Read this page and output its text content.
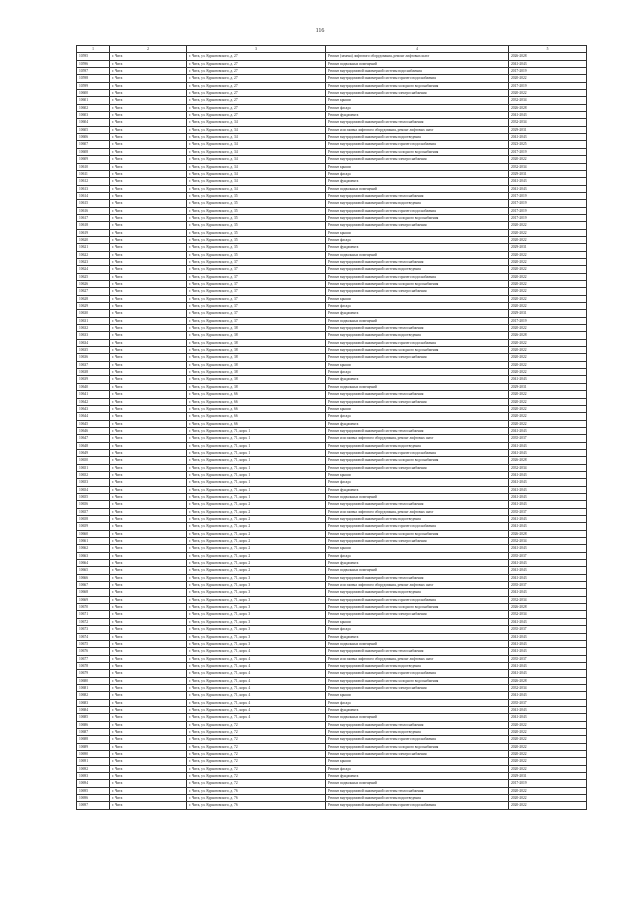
116
1	2	3	4	5
10595	г. Чита	г. Чита, ул. Курнатовского, д. 27	Ремонт (замена) лифтового оборудования, ремонт лифтовых шахт	2026-2028
10596	г. Чита	г. Чита, ул. Курнатовского, д. 27	Ремонт подвальных помещений	2041-2043
10597	г. Чита	г. Чита, ул. Курнатовского, д. 27	Ремонт внутридомовой инженерной системы водоснабжения	2017-2019
10598	г. Чита	г. Чита, ул. Курнатовского, д. 27	Ремонт внутридомовой инженерной системы горячего водоснабжения	2020-2022
10599	г. Чита	г. Чита, ул. Курнатовского, д. 27	Ремонт внутридомовой инженерной системы холодного водоснабжения	2017-2019
10600	г. Чита	г. Чита, ул. Курнатовского, д. 27	Ремонт внутридомовой инженерной системы электроснабжения	2020-2022
10601	г. Чита	г. Чита, ул. Курнатовского, д. 27	Ремонт крыши	2032-2034
10602	г. Чита	г. Чита, ул. Курнатовского, д. 27	Ремонт фасада	2026-2028
10603	г. Чита	г. Чита, ул. Курнатовского, д. 27	Ремонт фундамента	2041-2043
10604	г. Чита	г. Чита, ул. Курнатовского, д. 34	Ремонт внутридомовой инженерной системы теплоснабжения	2032-2034
10605	г. Чита	г. Чита, ул. Курнатовского, д. 34	Ремонт или замена лифтового оборудования, ремонт лифтовых шахт	2029-2031
10606	г. Чита	г. Чита, ул. Курнатовского, д. 34	Ремонт внутридомовой инженерной системы водоотведения	2041-2043
10607	г. Чита	г. Чита, ул. Курнатовского, д. 34	Ремонт внутридомовой инженерной системы горячего водоснабжения	2023-2025
10608	г. Чита	г. Чита, ул. Курнатовского, д. 34	Ремонт внутридомовой инженерной системы холодного водоснабжения	2017-2019
10609	г. Чита	г. Чита, ул. Курнатовского, д. 34	Ремонт внутридомовой инженерной системы электроснабжения	2020-2022
10610	г. Чита	г. Чита, ул. Курнатовского, д. 34	Ремонт крыши	2032-2034
10611	г. Чита	г. Чита, ул. Курнатовского, д. 34	Ремонт фасада	2029-2031
10612	г. Чита	г. Чита, ул. Курнатовского, д. 34	Ремонт фундамента	2041-2043
10613	г. Чита	г. Чита, ул. Курнатовского, д. 34	Ремонт подвальных помещений	2041-2043
10614	г. Чита	г. Чита, ул. Курнатовского, д. 35	Ремонт внутридомовой инженерной системы теплоснабжения	2017-2019
10615	г. Чита	г. Чита, ул. Курнатовского, д. 35	Ремонт внутридомовой инженерной системы водоотведения	2017-2019
10616	г. Чита	г. Чита, ул. Курнатовского, д. 35	Ремонт внутридомовой инженерной системы горячего водоснабжения	2017-2019
10617	г. Чита	г. Чита, ул. Курнатовского, д. 35	Ремонт внутридомовой инженерной системы холодного водоснабжения	2017-2019
10618	г. Чита	г. Чита, ул. Курнатовского, д. 35	Ремонт внутридомовой инженерной системы электроснабжения	2020-2022
10619	г. Чита	г. Чита, ул. Курнатовского, д. 35	Ремонт крыши	2020-2022
10620	г. Чита	г. Чита, ул. Курнатовского, д. 35	Ремонт фасада	2020-2022
10621	г. Чита	г. Чита, ул. Курнатовского, д. 35	Ремонт фундамента	2029-2031
10622	г. Чита	г. Чита, ул. Курнатовского, д. 35	Ремонт подвальных помещений	2020-2022
10623	г. Чита	г. Чита, ул. Курнатовского, д. 37	Ремонт внутридомовой инженерной системы теплоснабжения	2020-2022
10624	г. Чита	г. Чита, ул. Курнатовского, д. 37	Ремонт внутридомовой инженерной системы водоотведения	2020-2022
10625	г. Чита	г. Чита, ул. Курнатовского, д. 37	Ремонт внутридомовой инженерной системы горячего водоснабжения	2020-2022
10626	г. Чита	г. Чита, ул. Курнатовского, д. 37	Ремонт внутридомовой инженерной системы холодного водоснабжения	2020-2022
10627	г. Чита	г. Чита, ул. Курнатовского, д. 37	Ремонт внутридомовой инженерной системы электроснабжения	2020-2022
10628	г. Чита	г. Чита, ул. Курнатовского, д. 37	Ремонт крыши	2020-2022
10629	г. Чита	г. Чита, ул. Курнатовского, д. 37	Ремонт фасада	2020-2022
10630	г. Чита	г. Чита, ул. Курнатовского, д. 37	Ремонт фундамента	2029-2031
10631	г. Чита	г. Чита, ул. Курнатовского, д. 37	Ремонт подвальных помещений	2017-2019
10632	г. Чита	г. Чита, ул. Курнатовского, д. 38	Ремонт внутридомовой инженерной системы теплоснабжения	2020-2022
10633	г. Чита	г. Чита, ул. Курнатовского, д. 38	Ремонт внутридомовой инженерной системы водоотведения	2026-2028
10634	г. Чита	г. Чита, ул. Курнатовского, д. 38	Ремонт внутридомовой инженерной системы горячего водоснабжения	2020-2022
10635	г. Чита	г. Чита, ул. Курнатовского, д. 38	Ремонт внутридомовой инженерной системы холодного водоснабжения	2020-2022
10636	г. Чита	г. Чита, ул. Курнатовского, д. 38	Ремонт внутридомовой инженерной системы электроснабжения	2020-2022
10637	г. Чита	г. Чита, ул. Курнатовского, д. 38	Ремонт крыши	2020-2022
10638	г. Чита	г. Чита, ул. Курнатовского, д. 38	Ремонт фасада	2020-2022
10639	г. Чита	г. Чита, ул. Курнатовского, д. 38	Ремонт фундамента	2041-2043
10640	г. Чита	г. Чита, ул. Курнатовского, д. 38	Ремонт подвальных помещений	2029-2031
10641	г. Чита	г. Чита, ул. Курнатовского, д. 66	Ремонт внутридомовой инженерной системы теплоснабжения	2020-2022
10642	г. Чита	г. Чита, ул. Курнатовского, д. 66	Ремонт внутридомовой инженерной системы электроснабжения	2020-2022
10643	г. Чита	г. Чита, ул. Курнатовского, д. 66	Ремонт крыши	2020-2022
10644	г. Чита	г. Чита, ул. Курнатовского, д. 66	Ремонт фасада	2020-2022
10645	г. Чита	г. Чита, ул. Курнатовского, д. 66	Ремонт фундамента	2020-2022
10646	г. Чита	г. Чита, ул. Курнатовского, д. 71, корп. 1	Ремонт внутридомовой инженерной системы теплоснабжения	2041-2043
10647	г. Чита	г. Чита, ул. Курнатовского, д. 71, корп. 1	Ремонт или замена лифтового оборудования, ремонт лифтовых шахт	2035-2037
10648	г. Чита	г. Чита, ул. Курнатовского, д. 71, корп. 1	Ремонт внутридомовой инженерной системы водоотведения	2041-2043
10649	г. Чита	г. Чита, ул. Курнатовского, д. 71, корп. 1	Ремонт внутридомовой инженерной системы горячего водоснабжения	2041-2043
10650	г. Чита	г. Чита, ул. Курнатовского, д. 71, корп. 1	Ремонт внутридомовой инженерной системы холодного водоснабжения	2026-2028
10651	г. Чита	г. Чита, ул. Курнатовского, д. 71, корп. 1	Ремонт внутридомовой инженерной системы электроснабжения	2032-2034
10652	г. Чита	г. Чита, ул. Курнатовского, д. 71, корп. 1	Ремонт крыши	2041-2043
10653	г. Чита	г. Чита, ул. Курнатовского, д. 71, корп. 1	Ремонт фасада	2041-2043
10654	г. Чита	г. Чита, ул. Курнатовского, д. 71, корп. 1	Ремонт фундамента	2041-2043
10655	г. Чита	г. Чита, ул. Курнатовского, д. 71, корп. 1	Ремонт подвальных помещений	2041-2043
10656	г. Чита	г. Чита, ул. Курнатовского, д. 71, корп. 2	Ремонт внутридомовой инженерной системы теплоснабжения	2041-2043
10657	г. Чита	г. Чита, ул. Курнатовского, д. 71, корп. 2	Ремонт или замена лифтового оборудования, ремонт лифтовых шахт	2035-2037
10658	г. Чита	г. Чита, ул. Курнатовского, д. 71, корп. 2	Ремонт внутридомовой инженерной системы водоотведения	2041-2043
10659	г. Чита	г. Чита, ул. Курнатовского, д. 71, корп. 2	Ремонт внутридомовой инженерной системы горячего водоснабжения	2041-2043
10660	г. Чита	г. Чита, ул. Курнатовского, д. 71, корп. 2	Ремонт внутридомовой инженерной системы холодного водоснабжения	2026-2028
10661	г. Чита	г. Чита, ул. Курнатовского, д. 71, корп. 2	Ремонт внутридомовой инженерной системы электроснабжения	2032-2034
10662	г. Чита	г. Чита, ул. Курнатовского, д. 71, корп. 2	Ремонт крыши	2041-2043
10663	г. Чита	г. Чита, ул. Курнатовского, д. 71, корп. 2	Ремонт фасада	2035-2037
10664	г. Чита	г. Чита, ул. Курнатовского, д. 71, корп. 2	Ремонт фундамента	2041-2043
10665	г. Чита	г. Чита, ул. Курнатовского, д. 71, корп. 2	Ремонт подвальных помещений	2041-2043
10666	г. Чита	г. Чита, ул. Курнатовского, д. 71, корп. 3	Ремонт внутридомовой инженерной системы теплоснабжения	2041-2043
10667	г. Чита	г. Чита, ул. Курнатовского, д. 71, корп. 3	Ремонт или замена лифтового оборудования, ремонт лифтовых шахт	2035-2037
10668	г. Чита	г. Чита, ул. Курнатовского, д. 71, корп. 3	Ремонт внутридомовой инженерной системы водоотведения	2041-2043
10669	г. Чита	г. Чита, ул. Курнатовского, д. 71, корп. 3	Ремонт внутридомовой инженерной системы горячего водоснабжения	2032-2034
10670	г. Чита	г. Чита, ул. Курнатовского, д. 71, корп. 3	Ремонт внутридомовой инженерной системы холодного водоснабжения	2026-2028
10671	г. Чита	г. Чита, ул. Курнатовского, д. 71, корп. 3	Ремонт внутридомовой инженерной системы электроснабжения	2032-2034
10672	г. Чита	г. Чита, ул. Курнатовского, д. 71, корп. 3	Ремонт крыши	2041-2043
10673	г. Чита	г. Чита, ул. Курнатовского, д. 71, корп. 3	Ремонт фасада	2035-2037
10674	г. Чита	г. Чита, ул. Курнатовского, д. 71, корп. 3	Ремонт фундамента	2041-2043
10675	г. Чита	г. Чита, ул. Курнатовского, д. 71, корп. 3	Ремонт подвальных помещений	2041-2043
10676	г. Чита	г. Чита, ул. Курнатовского, д. 71, корп. 4	Ремонт внутридомовой инженерной системы теплоснабжения	2041-2043
10677	г. Чита	г. Чита, ул. Курнатовского, д. 71, корп. 4	Ремонт или замена лифтового оборудования, ремонт лифтовых шахт	2035-2037
10678	г. Чита	г. Чита, ул. Курнатовского, д. 71, корп. 4	Ремонт внутридомовой инженерной системы водоотведения	2041-2043
10679	г. Чита	г. Чита, ул. Курнатовского, д. 71, корп. 4	Ремонт внутридомовой инженерной системы горячего водоснабжения	2041-2043
10680	г. Чита	г. Чита, ул. Курнатовского, д. 71, корп. 4	Ремонт внутридомовой инженерной системы холодного водоснабжения	2026-2028
10681	г. Чита	г. Чита, ул. Курнатовского, д. 71, корп. 4	Ремонт внутридомовой инженерной системы электроснабжения	2032-2034
10682	г. Чита	г. Чита, ул. Курнатовского, д. 71, корп. 4	Ремонт крыши	2041-2043
10683	г. Чита	г. Чита, ул. Курнатовского, д. 71, корп. 4	Ремонт фасада	2035-2037
10684	г. Чита	г. Чита, ул. Курнатовского, д. 71, корп. 4	Ремонт фундамента	2041-2043
10685	г. Чита	г. Чита, ул. Курнатовского, д. 71, корп. 4	Ремонт подвальных помещений	2041-2043
10686	г. Чита	г. Чита, ул. Курнатовского, д. 72	Ремонт внутридомовой инженерной системы теплоснабжения	2020-2022
10687	г. Чита	г. Чита, ул. Курнатовского, д. 72	Ремонт внутридомовой инженерной системы водоотведения	2020-2022
10688	г. Чита	г. Чита, ул. Курнатовского, д. 72	Ремонт внутридомовой инженерной системы горячего водоснабжения	2020-2022
10689	г. Чита	г. Чита, ул. Курнатовского, д. 72	Ремонт внутридомовой инженерной системы холодного водоснабжения	2020-2022
10690	г. Чита	г. Чита, ул. Курнатовского, д. 72	Ремонт внутридомовой инженерной системы электроснабжения	2020-2022
10691	г. Чита	г. Чита, ул. Курнатовского, д. 72	Ремонт крыши	2020-2022
10692	г. Чита	г. Чита, ул. Курнатовского, д. 72	Ремонт фасада	2020-2022
10693	г. Чита	г. Чита, ул. Курнатовского, д. 72	Ремонт фундамента	2029-2031
10694	г. Чита	г. Чита, ул. Курнатовского, д. 72	Ремонт подвальных помещений	2017-2019
10695	г. Чита	г. Чита, ул. Курнатовского, д. 76	Ремонт внутридомовой инженерной системы теплоснабжения	2020-2022
10696	г. Чита	г. Чита, ул. Курнатовского, д. 76	Ремонт внутридомовой инженерной системы водоотведения	2020-2022
10697	г. Чита	г. Чита, ул. Курнатовского, д. 76	Ремонт внутридомовой инженерной системы горячего водоснабжения	2020-2022
